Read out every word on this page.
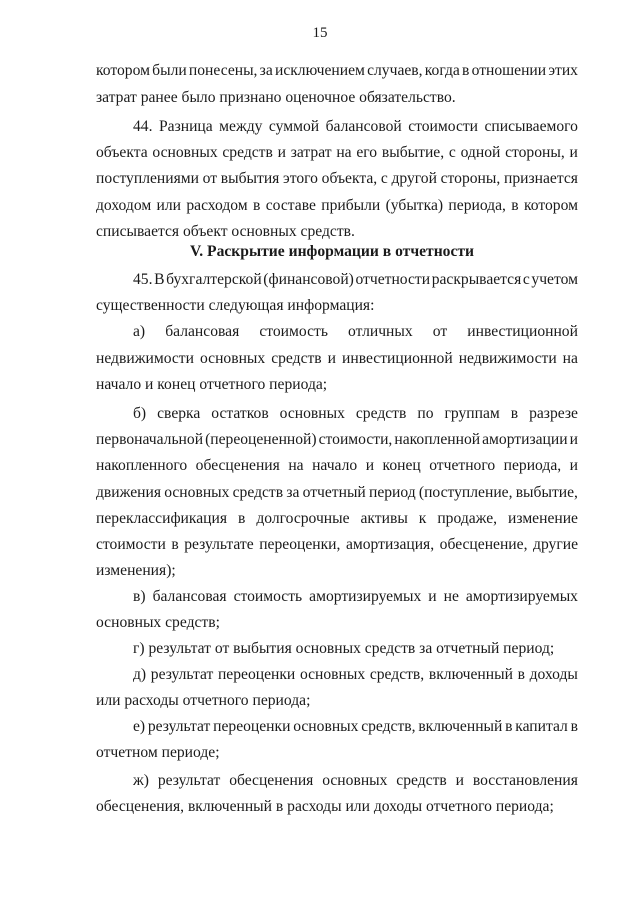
15
котором были понесены, за исключением случаев, когда в отношении этих
затрат ранее было признано оценочное обязательство.
44. Разница между суммой балансовой стоимости списываемого
объекта основных средств и затрат на его выбытие, с одной стороны, и
поступлениями от выбытия этого объекта, с другой стороны, признается
доходом или расходом в составе прибыли (убытка) периода, в котором
списывается объект основных средств.
45. В бухгалтерской (финансовой) отчетности раскрывается с учетом
существенности следующая информация:
а) балансовая стоимость отличных от инвестиционной
недвижимости основных средств и инвестиционной недвижимости на
начало и конец отчетного периода;
б) сверка остатков основных средств по группам в разрезе
первоначальной (переоцененной) стоимости, накопленной амортизации и
накопленного обесценения на начало и конец отчетного периода, и
движения основных средств за отчетный период (поступление, выбытие,
переклассификация в долгосрочные активы к продаже, изменение
стоимости в результате переоценки, амортизация, обесценение, другие
изменения);
в) балансовая стоимость амортизируемых и не амортизируемых
основных средств;
г) результат от выбытия основных средств за отчетный период;
д) результат переоценки основных средств, включенный в доходы
или расходы отчетного периода;
е) результат переоценки основных средств, включенный в капитал в
отчетном периоде;
ж) результат обесценения основных средств и восстановления
обесценения, включенный в расходы или доходы отчетного периода;
V. Раскрытие информации в отчетности
